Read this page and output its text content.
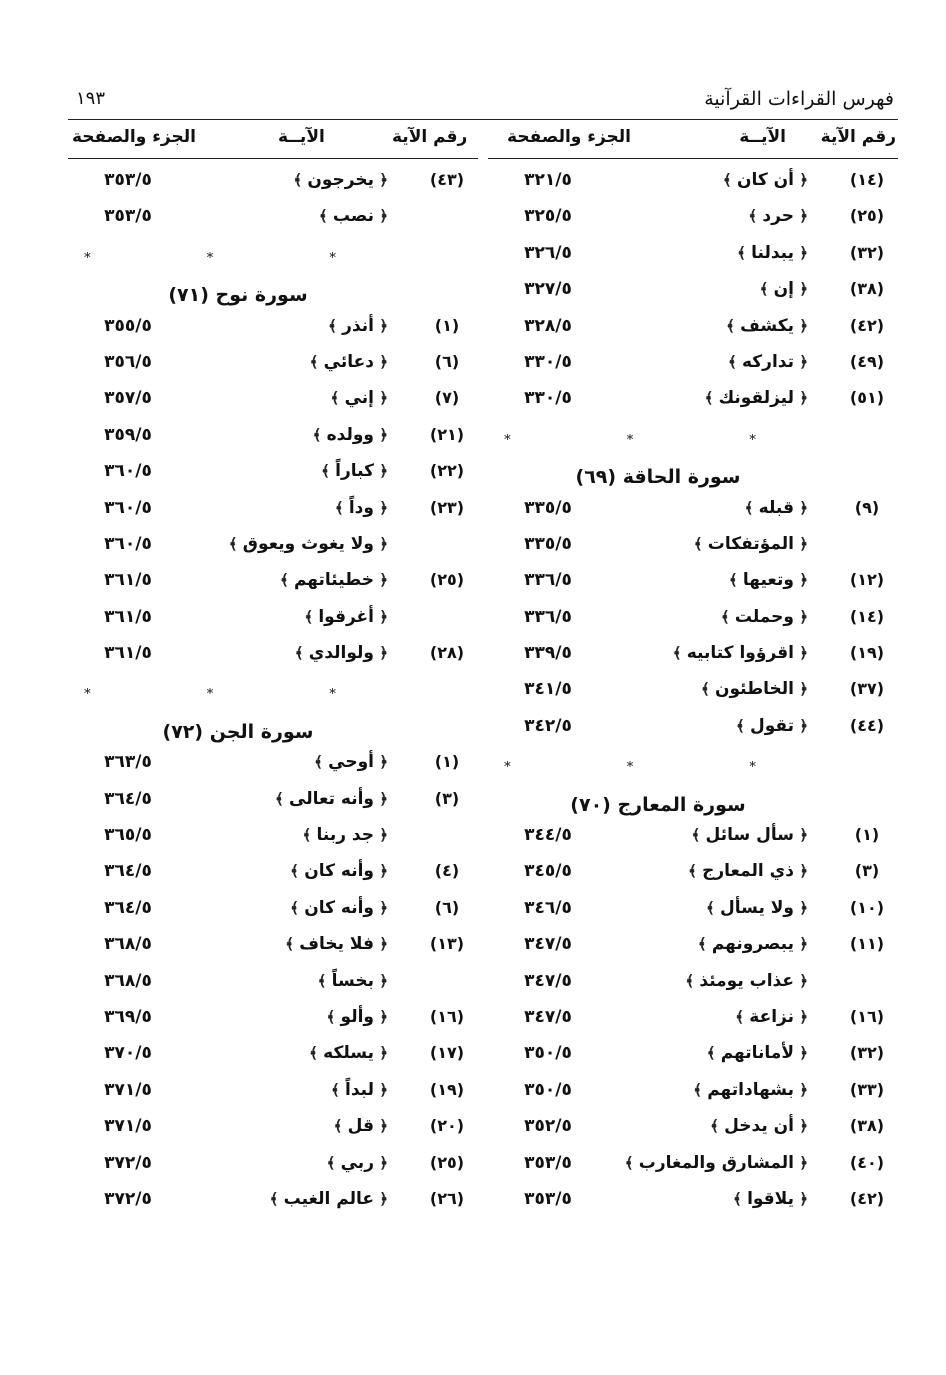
فهرس القراءات القرآنية
١٩٣
رقم الآية
الآيــة
الجزء والصفحة
رقم الآية
الآيــة
الجزء والصفحة
(١٤)
﴿ أن كان ﴾
٣٢١/٥
(٢٥)
﴿ حرد ﴾
٣٢٥/٥
(٣٢)
﴿ يبدلنا ﴾
٣٢٦/٥
(٣٨)
﴿ إن ﴾
٣٢٧/٥
(٤٢)
﴿ يكشف ﴾
٣٢٨/٥
(٤٩)
﴿ تداركه ﴾
٣٣٠/٥
(٥١)
﴿ ليزلقونك ﴾
٣٣٠/٥
* * *
سورة الحاقة (٦٩)
(٩)
﴿ قبله ﴾
٣٣٥/٥
﴿ المؤتفكات ﴾
٣٣٥/٥
(١٢)
﴿ وتعيها ﴾
٣٣٦/٥
(١٤)
﴿ وحملت ﴾
٣٣٦/٥
(١٩)
﴿ اقرؤوا كتابيه ﴾
٣٣٩/٥
(٣٧)
﴿ الخاطئون ﴾
٣٤١/٥
(٤٤)
﴿ تقول ﴾
٣٤٢/٥
* * *
سورة المعارج (٧٠)
(١)
﴿ سأل سائل ﴾
٣٤٤/٥
(٣)
﴿ ذي المعارج ﴾
٣٤٥/٥
(١٠)
﴿ ولا يسأل ﴾
٣٤٦/٥
(١١)
﴿ يبصرونهم ﴾
٣٤٧/٥
﴿ عذاب يومئذ ﴾
٣٤٧/٥
(١٦)
﴿ نزاعة ﴾
٣٤٧/٥
(٣٢)
﴿ لأماناتهم ﴾
٣٥٠/٥
(٣٣)
﴿ بشهاداتهم ﴾
٣٥٠/٥
(٣٨)
﴿ أن يدخل ﴾
٣٥٢/٥
(٤٠)
﴿ المشارق والمغارب ﴾
٣٥٣/٥
(٤٢)
﴿ يلاقوا ﴾
٣٥٣/٥
(٤٣)
﴿ يخرجون ﴾
٣٥٣/٥
﴿ نصب ﴾
٣٥٣/٥
* * *
سورة نوح (٧١)
(١)
﴿ أنذر ﴾
٣٥٥/٥
(٦)
﴿ دعائي ﴾
٣٥٦/٥
(٧)
﴿ إني ﴾
٣٥٧/٥
(٢١)
﴿ وولده ﴾
٣٥٩/٥
(٢٢)
﴿ كباراً ﴾
٣٦٠/٥
(٢٣)
﴿ وداً ﴾
٣٦٠/٥
﴿ ولا يغوث ويعوق ﴾
٣٦٠/٥
(٢٥)
﴿ خطيئاتهم ﴾
٣٦١/٥
﴿ أغرقوا ﴾
٣٦١/٥
(٢٨)
﴿ ولوالدي ﴾
٣٦١/٥
* * *
سورة الجن (٧٢)
(١)
﴿ أوحي ﴾
٣٦٣/٥
(٣)
﴿ وأنه تعالى ﴾
٣٦٤/٥
﴿ جد ربنا ﴾
٣٦٥/٥
(٤)
﴿ وأنه كان ﴾
٣٦٤/٥
(٦)
﴿ وأنه كان ﴾
٣٦٤/٥
(١٣)
﴿ فلا يخاف ﴾
٣٦٨/٥
﴿ بخساً ﴾
٣٦٨/٥
(١٦)
﴿ وألو ﴾
٣٦٩/٥
(١٧)
﴿ يسلكه ﴾
٣٧٠/٥
(١٩)
﴿ لبداً ﴾
٣٧١/٥
(٢٠)
﴿ قل ﴾
٣٧١/٥
(٢٥)
﴿ ربي ﴾
٣٧٢/٥
(٢٦)
﴿ عالم الغيب ﴾
٣٧٢/٥
